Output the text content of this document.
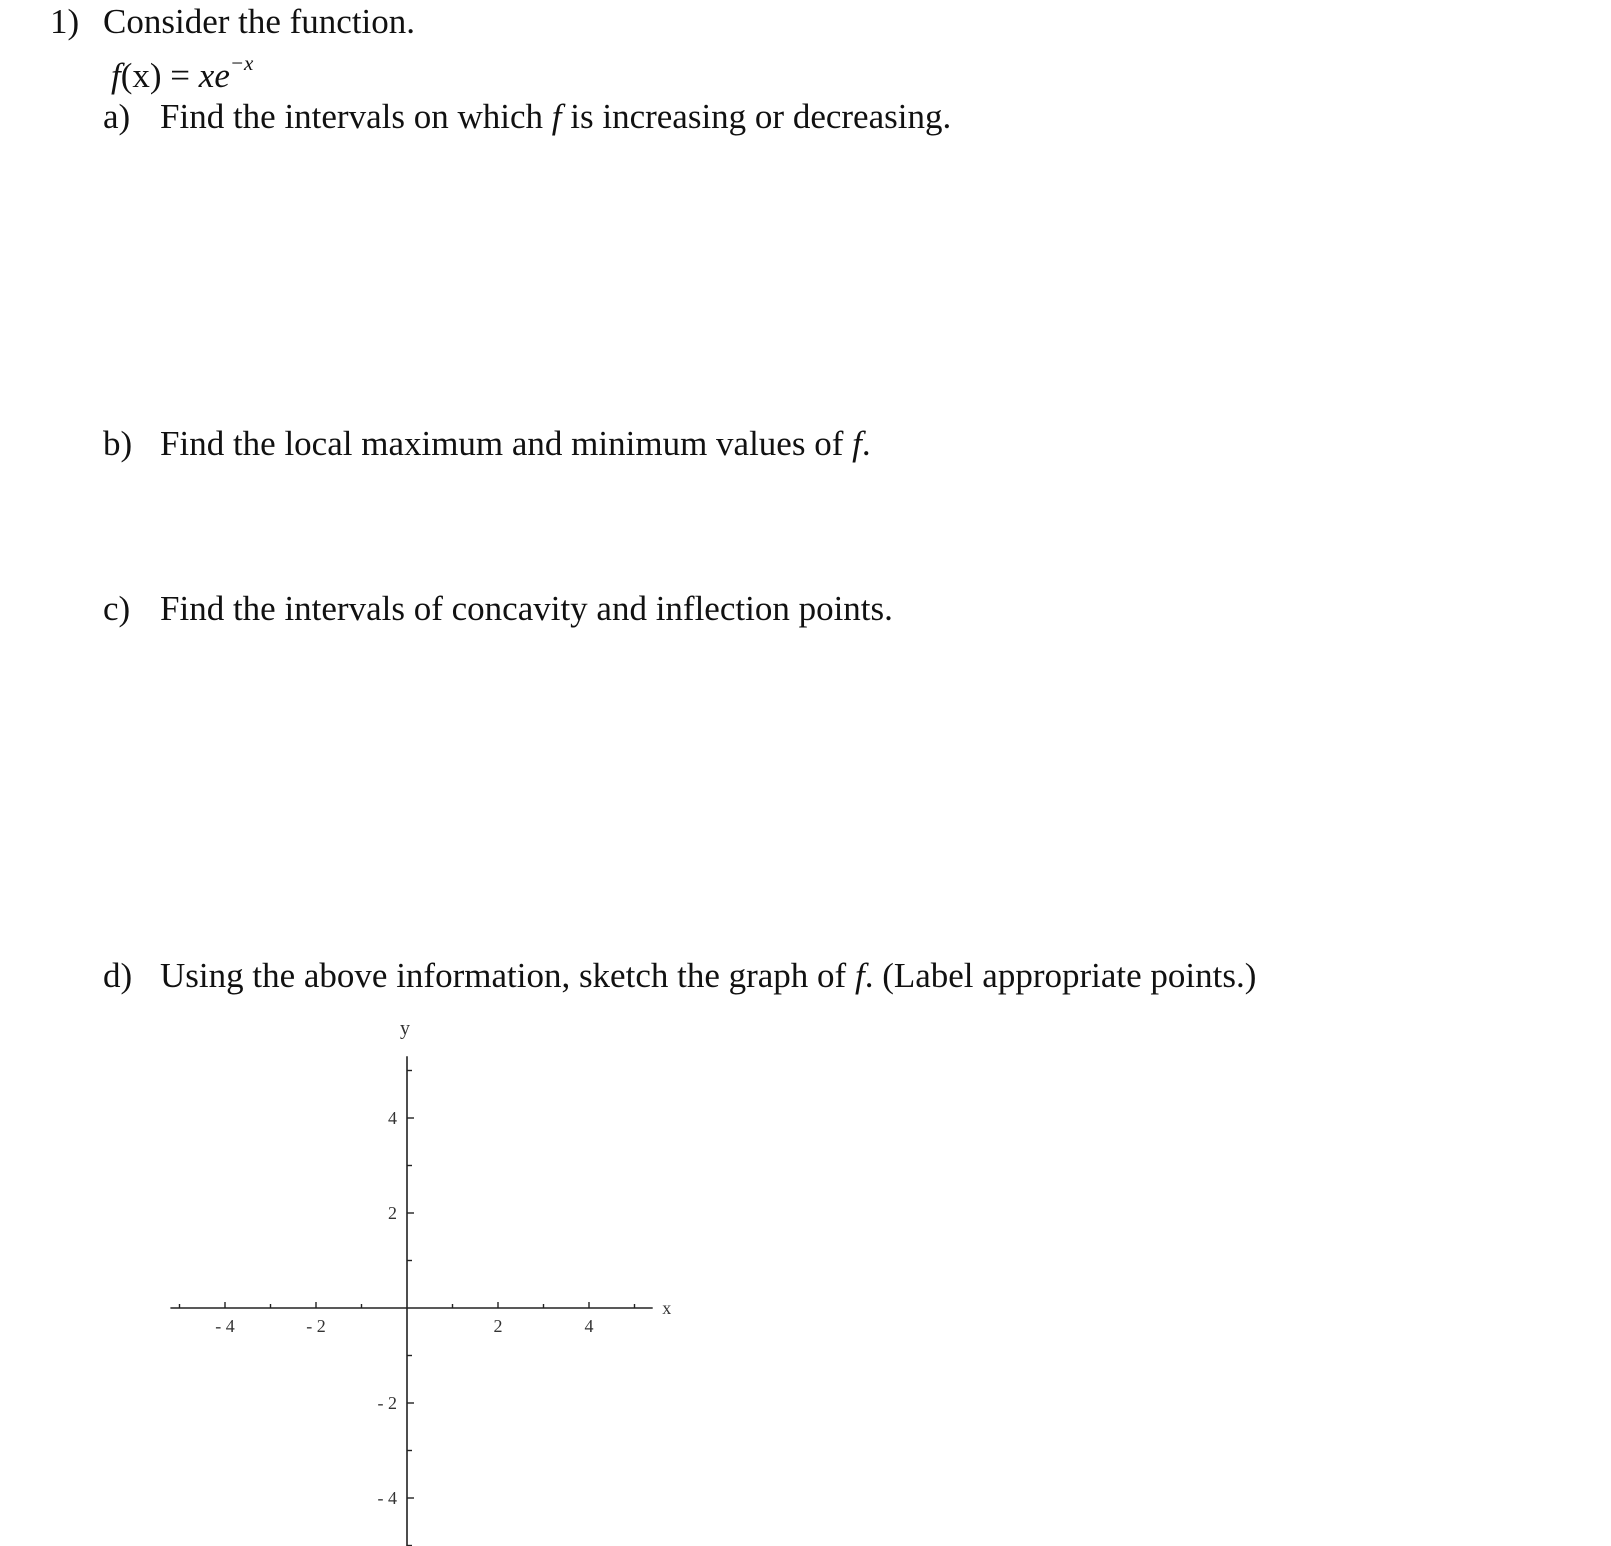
1) Consider the function.
$f(x) = xe^{-x}$
a) Find the intervals on which f is increasing or decreasing.
b) Find the local maximum and minimum values of f.
c) Find the intervals of concavity and inflection points.
d) Using the above information, sketch the graph of f. (Label appropriate points.)
x
y
- 4	- 2	2	4
4
2
- 2
- 4
